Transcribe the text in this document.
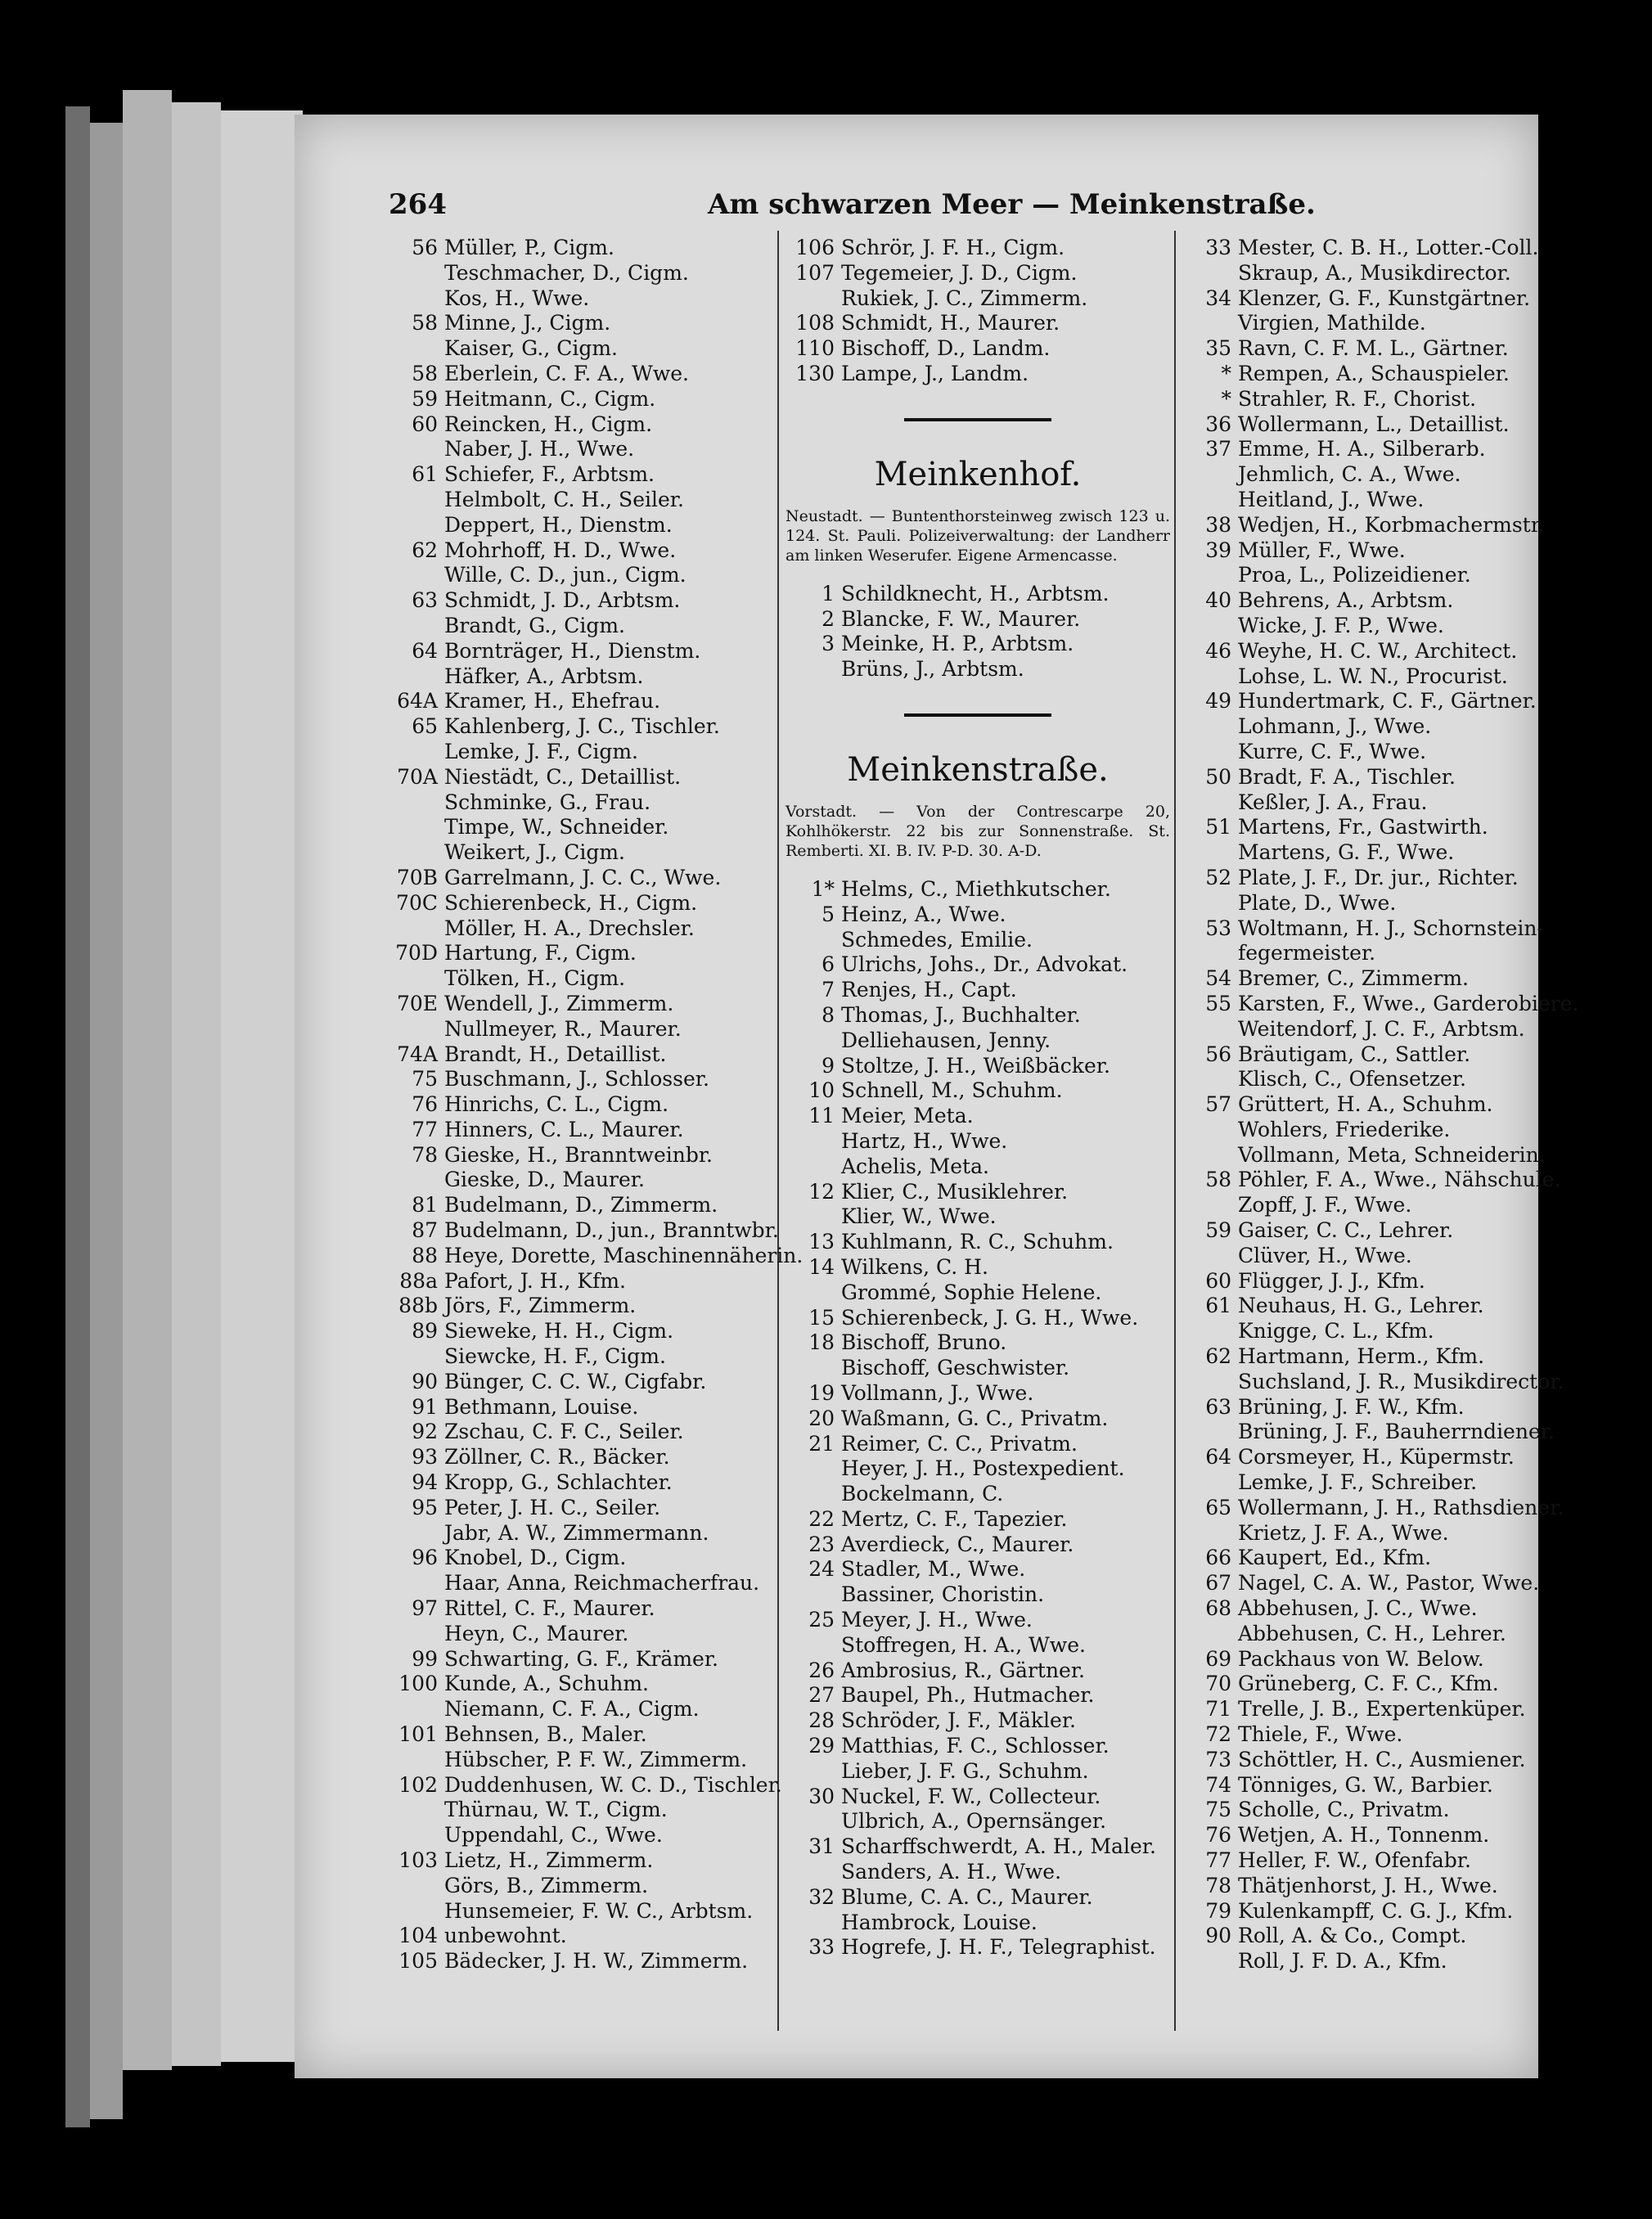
264	Am schwarzen Meer — Meinkenstraße.
56 Müller, P., Cigm.
Teschmacher, D., Cigm.
Kos, H., Wwe.
58 Minne, J., Cigm.
Kaiser, G., Cigm.
58 Eberlein, C. F. A., Wwe.
59 Heitmann, C., Cigm.
60 Reincken, H., Cigm.
Naber, J. H., Wwe.
61 Schiefer, F., Arbtsm.
Helmbolt, C. H., Seiler.
Deppert, H., Dienstm.
62 Mohrhoff, H. D., Wwe.
Wille, C. D., jun., Cigm.
63 Schmidt, J. D., Arbtsm.
Brandt, G., Cigm.
64 Bornträger, H., Dienstm.
Häfker, A., Arbtsm.
64A Kramer, H., Ehefrau.
65 Kahlenberg, J. C., Tischler.
Lemke, J. F., Cigm.
70A Niestädt, C., Detaillist.
Schminke, G., Frau.
Timpe, W., Schneider.
Weikert, J., Cigm.
70B Garrelmann, J. C. C., Wwe.
70C Schierenbeck, H., Cigm.
Möller, H. A., Drechsler.
70D Hartung, F., Cigm.
Tölken, H., Cigm.
70E Wendell, J., Zimmerm.
Nullmeyer, R., Maurer.
74A Brandt, H., Detaillist.
75 Buschmann, J., Schlosser.
76 Hinrichs, C. L., Cigm.
77 Hinners, C. L., Maurer.
78 Gieske, H., Branntweinbr.
Gieske, D., Maurer.
81 Budelmann, D., Zimmerm.
87 Budelmann, D., jun., Branntwbr.
88 Heye, Dorette, Maschinennäherin.
88a Pafort, J. H., Kfm.
88b Jörs, F., Zimmerm.
89 Sieweke, H. H., Cigm.
Siewcke, H. F., Cigm.
90 Bünger, C. C. W., Cigfabr.
91 Bethmann, Louise.
92 Zschau, C. F. C., Seiler.
93 Zöllner, C. R., Bäcker.
94 Kropp, G., Schlachter.
95 Peter, J. H. C., Seiler.
Jabr, A. W., Zimmermann.
96 Knobel, D., Cigm.
Haar, Anna, Reichmacherfrau.
97 Rittel, C. F., Maurer.
Heyn, C., Maurer.
99 Schwarting, G. F., Krämer.
100 Kunde, A., Schuhm.
Niemann, C. F. A., Cigm.
101 Behnsen, B., Maler.
Hübscher, P. F. W., Zimmerm.
102 Duddenhusen, W. C. D., Tischler.
Thürnau, W. T., Cigm.
Uppendahl, C., Wwe.
103 Lietz, H., Zimmerm.
Görs, B., Zimmerm.
Hunsemeier, F. W. C., Arbtsm.
104 unbewohnt.
105 Bädecker, J. H. W., Zimmerm.
106 Schrör, J. F. H., Cigm.
107 Tegemeier, J. D., Cigm.
Rukiek, J. C., Zimmerm.
108 Schmidt, H., Maurer.
110 Bischoff, D., Landm.
130 Lampe, J., Landm.
Meinkenhof.
Neustadt. — Buntenthorsteinweg zwisch 123 u. 124. St. Pauli. Polizeiverwaltung: der Landherr am linken Weserufer. Eigene Armencasse.
1 Schildknecht, H., Arbtsm.
2 Blancke, F. W., Maurer.
3 Meinke, H. P., Arbtsm.
Brüns, J., Arbtsm.
Meinkenstraße.
Vorstadt. — Von der Contrescarpe 20, Kohlhökerstr. 22 bis zur Sonnenstraße. St. Remberti. XI. B. IV. P-D. 30. A-D.
1* Helms, C., Miethkutscher.
5 Heinz, A., Wwe.
Schmedes, Emilie.
6 Ulrichs, Johs., Dr., Advokat.
7 Renjes, H., Capt.
8 Thomas, J., Buchhalter.
Delliehausen, Jenny.
9 Stoltze, J. H., Weißbäcker.
10 Schnell, M., Schuhm.
11 Meier, Meta.
Hartz, H., Wwe.
Achelis, Meta.
12 Klier, C., Musiklehrer.
Klier, W., Wwe.
13 Kuhlmann, R. C., Schuhm.
14 Wilkens, C. H.
Grommé, Sophie Helene.
15 Schierenbeck, J. G. H., Wwe.
18 Bischoff, Bruno.
Bischoff, Geschwister.
19 Vollmann, J., Wwe.
20 Waßmann, G. C., Privatm.
21 Reimer, C. C., Privatm.
Heyer, J. H., Postexpedient.
Bockelmann, C.
22 Mertz, C. F., Tapezier.
23 Averdieck, C., Maurer.
24 Stadler, M., Wwe.
Bassiner, Choristin.
25 Meyer, J. H., Wwe.
Stoffregen, H. A., Wwe.
26 Ambrosius, R., Gärtner.
27 Baupel, Ph., Hutmacher.
28 Schröder, J. F., Mäkler.
29 Matthias, F. C., Schlosser.
Lieber, J. F. G., Schuhm.
30 Nuckel, F. W., Collecteur.
Ulbrich, A., Opernsänger.
31 Scharffschwerdt, A. H., Maler.
Sanders, A. H., Wwe.
32 Blume, C. A. C., Maurer.
Hambrock, Louise.
33 Hogrefe, J. H. F., Telegraphist.
33 Mester, C. B. H., Lotter.-Coll.
Skraup, A., Musikdirector.
34 Klenzer, G. F., Kunstgärtner.
Virgien, Mathilde.
35 Ravn, C. F. M. L., Gärtner.
* Rempen, A., Schauspieler.
* Strahler, R. F., Chorist.
36 Wollermann, L., Detaillist.
37 Emme, H. A., Silberarb.
Jehmlich, C. A., Wwe.
Heitland, J., Wwe.
38 Wedjen, H., Korbmachermstr.
39 Müller, F., Wwe.
Proa, L., Polizeidiener.
40 Behrens, A., Arbtsm.
Wicke, J. F. P., Wwe.
46 Weyhe, H. C. W., Architect.
Lohse, L. W. N., Procurist.
49 Hundertmark, C. F., Gärtner.
Lohmann, J., Wwe.
Kurre, C. F., Wwe.
50 Bradt, F. A., Tischler.
Keßler, J. A., Frau.
51 Martens, Fr., Gastwirth.
Martens, G. F., Wwe.
52 Plate, J. F., Dr. jur., Richter.
Plate, D., Wwe.
53 Woltmann, H. J., Schornstein-
fegermeister.
54 Bremer, C., Zimmerm.
55 Karsten, F., Wwe., Garderobiere.
Weitendorf, J. C. F., Arbtsm.
56 Bräutigam, C., Sattler.
Klisch, C., Ofensetzer.
57 Grüttert, H. A., Schuhm.
Wohlers, Friederike.
Vollmann, Meta, Schneiderin.
58 Pöhler, F. A., Wwe., Nähschule.
Zopff, J. F., Wwe.
59 Gaiser, C. C., Lehrer.
Clüver, H., Wwe.
60 Flügger, J. J., Kfm.
61 Neuhaus, H. G., Lehrer.
Knigge, C. L., Kfm.
62 Hartmann, Herm., Kfm.
Suchsland, J. R., Musikdirector.
63 Brüning, J. F. W., Kfm.
Brüning, J. F., Bauherrndiener.
64 Corsmeyer, H., Küpermstr.
Lemke, J. F., Schreiber.
65 Wollermann, J. H., Rathsdiener.
Krietz, J. F. A., Wwe.
66 Kaupert, Ed., Kfm.
67 Nagel, C. A. W., Pastor, Wwe.
68 Abbehusen, J. C., Wwe.
Abbehusen, C. H., Lehrer.
69 Packhaus von W. Below.
70 Grüneberg, C. F. C., Kfm.
71 Trelle, J. B., Expertenküper.
72 Thiele, F., Wwe.
73 Schöttler, H. C., Ausmiener.
74 Tönniges, G. W., Barbier.
75 Scholle, C., Privatm.
76 Wetjen, A. H., Tonnenm.
77 Heller, F. W., Ofenfabr.
78 Thätjenhorst, J. H., Wwe.
79 Kulenkampff, C. G. J., Kfm.
90 Roll, A. & Co., Compt.
Roll, J. F. D. A., Kfm.
